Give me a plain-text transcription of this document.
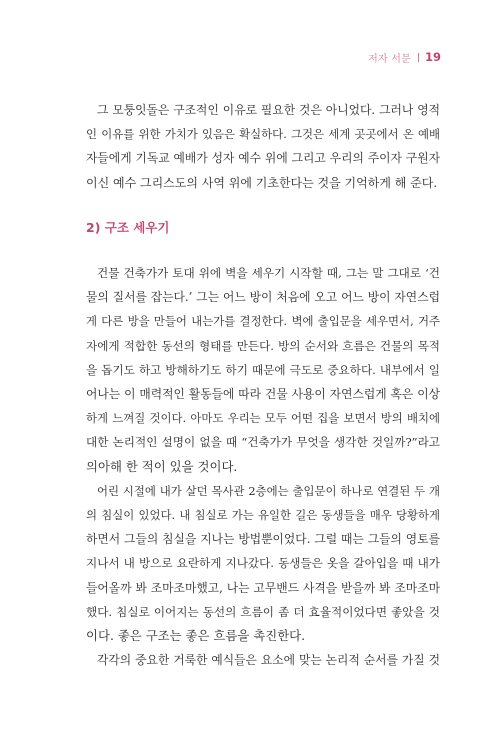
저자 서문 19
그 모퉁잇돌은 구조적인 이유로 필요한 것은 아니었다. 그러나 영적
인 이유를 위한 가치가 있음은 확실하다. 그것은 세계 곳곳에서 온 예배
자들에게 기독교 예배가 성자 예수 위에 그리고 우리의 주이자 구원자
이신 예수 그리스도의 사역 위에 기초한다는 것을 기억하게 해 준다.
2) 구조 세우기
건물 건축가가 토대 위에 벽을 세우기 시작할 때, 그는 말 그대로 ‘건
물의 질서를 잡는다.’ 그는 어느 방이 처음에 오고 어느 방이 자연스럽
게 다른 방을 만들어 내는가를 결정한다. 벽에 출입문을 세우면서, 거주
자에게 적합한 동선의 형태를 만든다. 방의 순서와 흐름은 건물의 목적
을 돕기도 하고 방해하기도 하기 때문에 극도로 중요하다. 내부에서 일
어나는 이 매력적인 활동들에 따라 건물 사용이 자연스럽게 혹은 이상
하게 느껴질 것이다. 아마도 우리는 모두 어떤 집을 보면서 방의 배치에
대한 논리적인 설명이 없을 때 “건축가가 무엇을 생각한 것일까?”라고
의아해 한 적이 있을 것이다.
어린 시절에 내가 살던 목사관 2층에는 출입문이 하나로 연결된 두 개
의 침실이 있었다. 내 침실로 가는 유일한 길은 동생들을 매우 당황하게
하면서 그들의 침실을 지나는 방법뿐이었다. 그럴 때는 그들의 영토를
지나서 내 방으로 요란하게 지나갔다. 동생들은 옷을 갈아입을 때 내가
들어올까 봐 조마조마했고, 나는 고무밴드 사격을 받을까 봐 조마조마
했다. 침실로 이어지는 동선의 흐름이 좀 더 효율적이었다면 좋았을 것
이다. 좋은 구조는 좋은 흐름을 촉진한다.
각각의 중요한 거룩한 예식들은 요소에 맞는 논리적 순서를 가질 것
